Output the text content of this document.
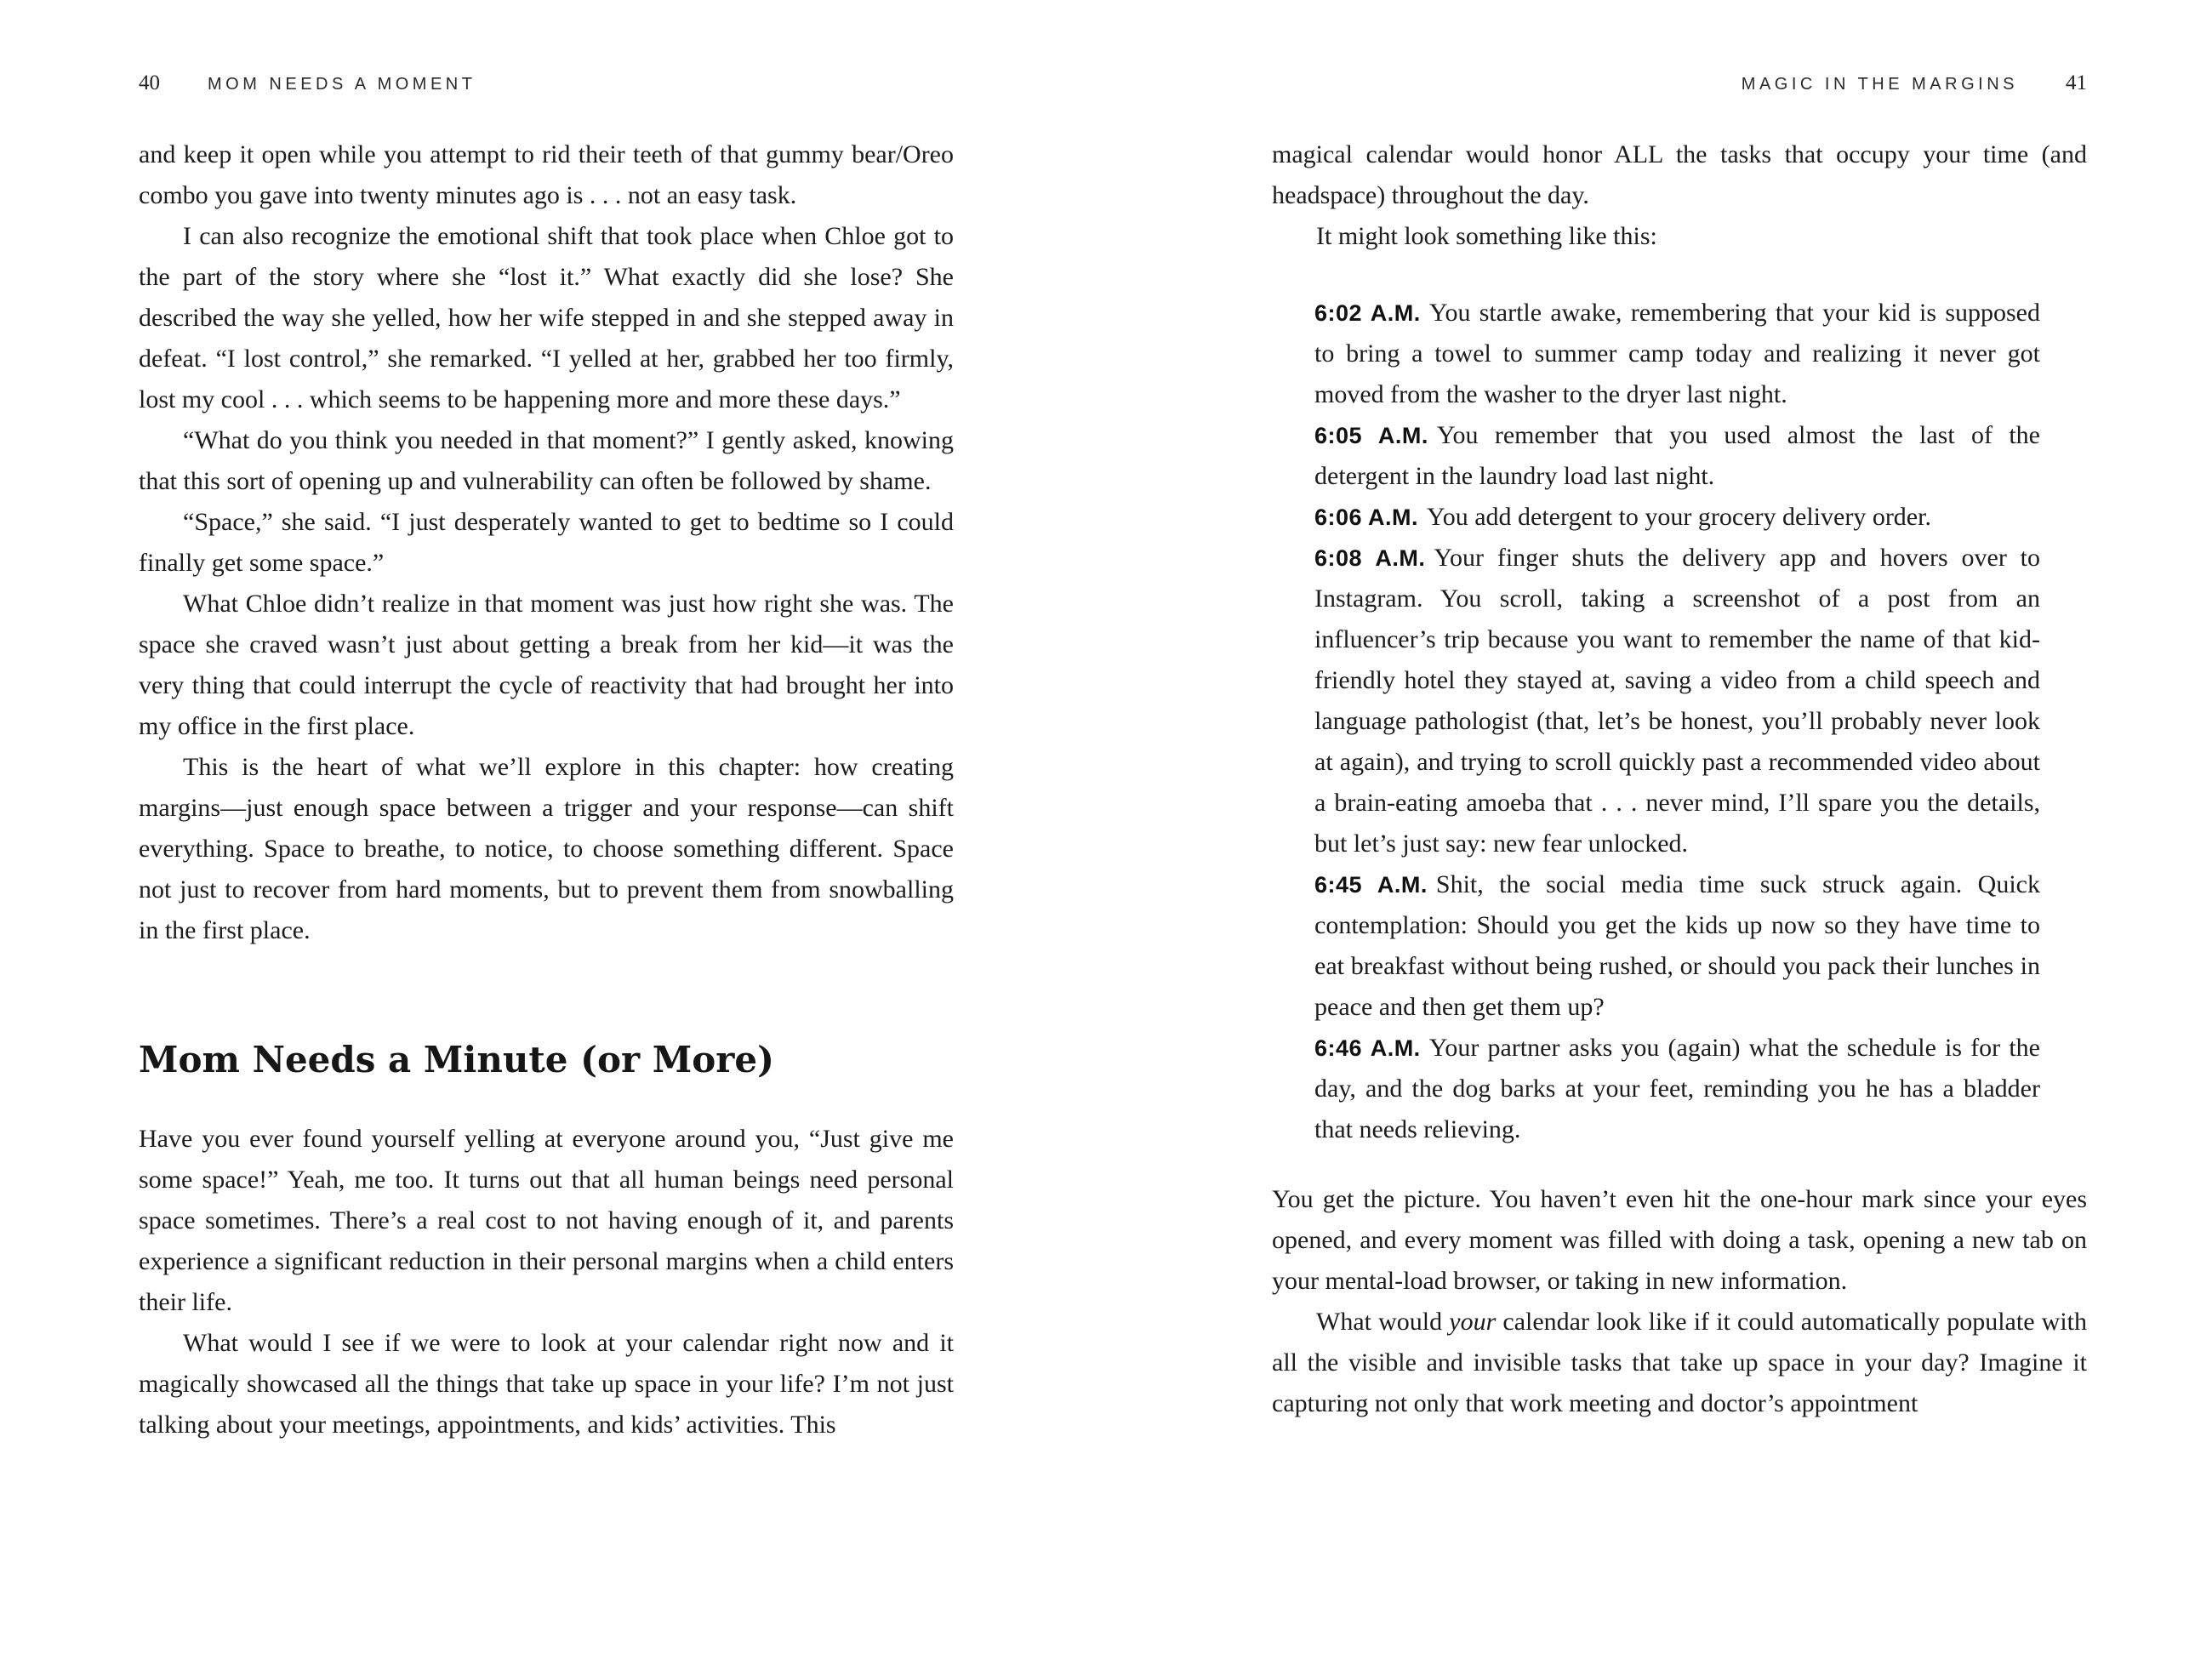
40	MOM NEEDS A MOMENT

and keep it open while you attempt to rid their teeth of that gummy bear/Oreo combo you gave into twenty minutes ago is . . . not an easy task.

I can also recognize the emotional shift that took place when Chloe got to the part of the story where she “lost it.” What exactly did she lose? She described the way she yelled, how her wife stepped in and she stepped away in defeat. “I lost control,” she remarked. “I yelled at her, grabbed her too firmly, lost my cool . . . which seems to be happening more and more these days.”

“What do you think you needed in that moment?” I gently asked, knowing that this sort of opening up and vulnerability can often be followed by shame.

“Space,” she said. “I just desperately wanted to get to bedtime so I could finally get some space.”

What Chloe didn’t realize in that moment was just how right she was. The space she craved wasn’t just about getting a break from her kid—it was the very thing that could interrupt the cycle of reactivity that had brought her into my office in the first place.

This is the heart of what we’ll explore in this chapter: how creating margins—just enough space between a trigger and your response—can shift everything. Space to breathe, to notice, to choose something different. Space not just to recover from hard moments, but to prevent them from snowballing in the first place.

Mom Needs a Minute (or More)

Have you ever found yourself yelling at everyone around you, “Just give me some space!” Yeah, me too. It turns out that all human beings need personal space sometimes. There’s a real cost to not having enough of it, and parents experience a significant reduction in their personal margins when a child enters their life.

What would I see if we were to look at your calendar right now and it magically showcased all the things that take up space in your life? I’m not just talking about your meetings, appointments, and kids’ activities. This

MAGIC IN THE MARGINS 41

magical calendar would honor ALL the tasks that occupy your time (and headspace) throughout the day.

It might look something like this:

6:02 A.M. You startle awake, remembering that your kid is supposed to bring a towel to summer camp today and realizing it never got moved from the washer to the dryer last night.

6:05 A.M. You remember that you used almost the last of the detergent in the laundry load last night.

6:06 A.M. You add detergent to your grocery delivery order.

6:08 A.M. Your finger shuts the delivery app and hovers over to Instagram. You scroll, taking a screenshot of a post from an influencer’s trip because you want to remember the name of that kid-friendly hotel they stayed at, saving a video from a child speech and language pathologist (that, let’s be honest, you’ll probably never look at again), and trying to scroll quickly past a recommended video about a brain-eating amoeba that . . . never mind, I’ll spare you the details, but let’s just say: new fear unlocked.

6:45 A.M. Shit, the social media time suck struck again. Quick contemplation: Should you get the kids up now so they have time to eat breakfast without being rushed, or should you pack their lunches in peace and then get them up?

6:46 A.M. Your partner asks you (again) what the schedule is for the day, and the dog barks at your feet, reminding you he has a bladder that needs relieving.

You get the picture. You haven’t even hit the one-hour mark since your eyes opened, and every moment was filled with doing a task, opening a new tab on your mental-load browser, or taking in new information.

What would your calendar look like if it could automatically populate with all the visible and invisible tasks that take up space in your day? Imagine it capturing not only that work meeting and doctor’s appointment
